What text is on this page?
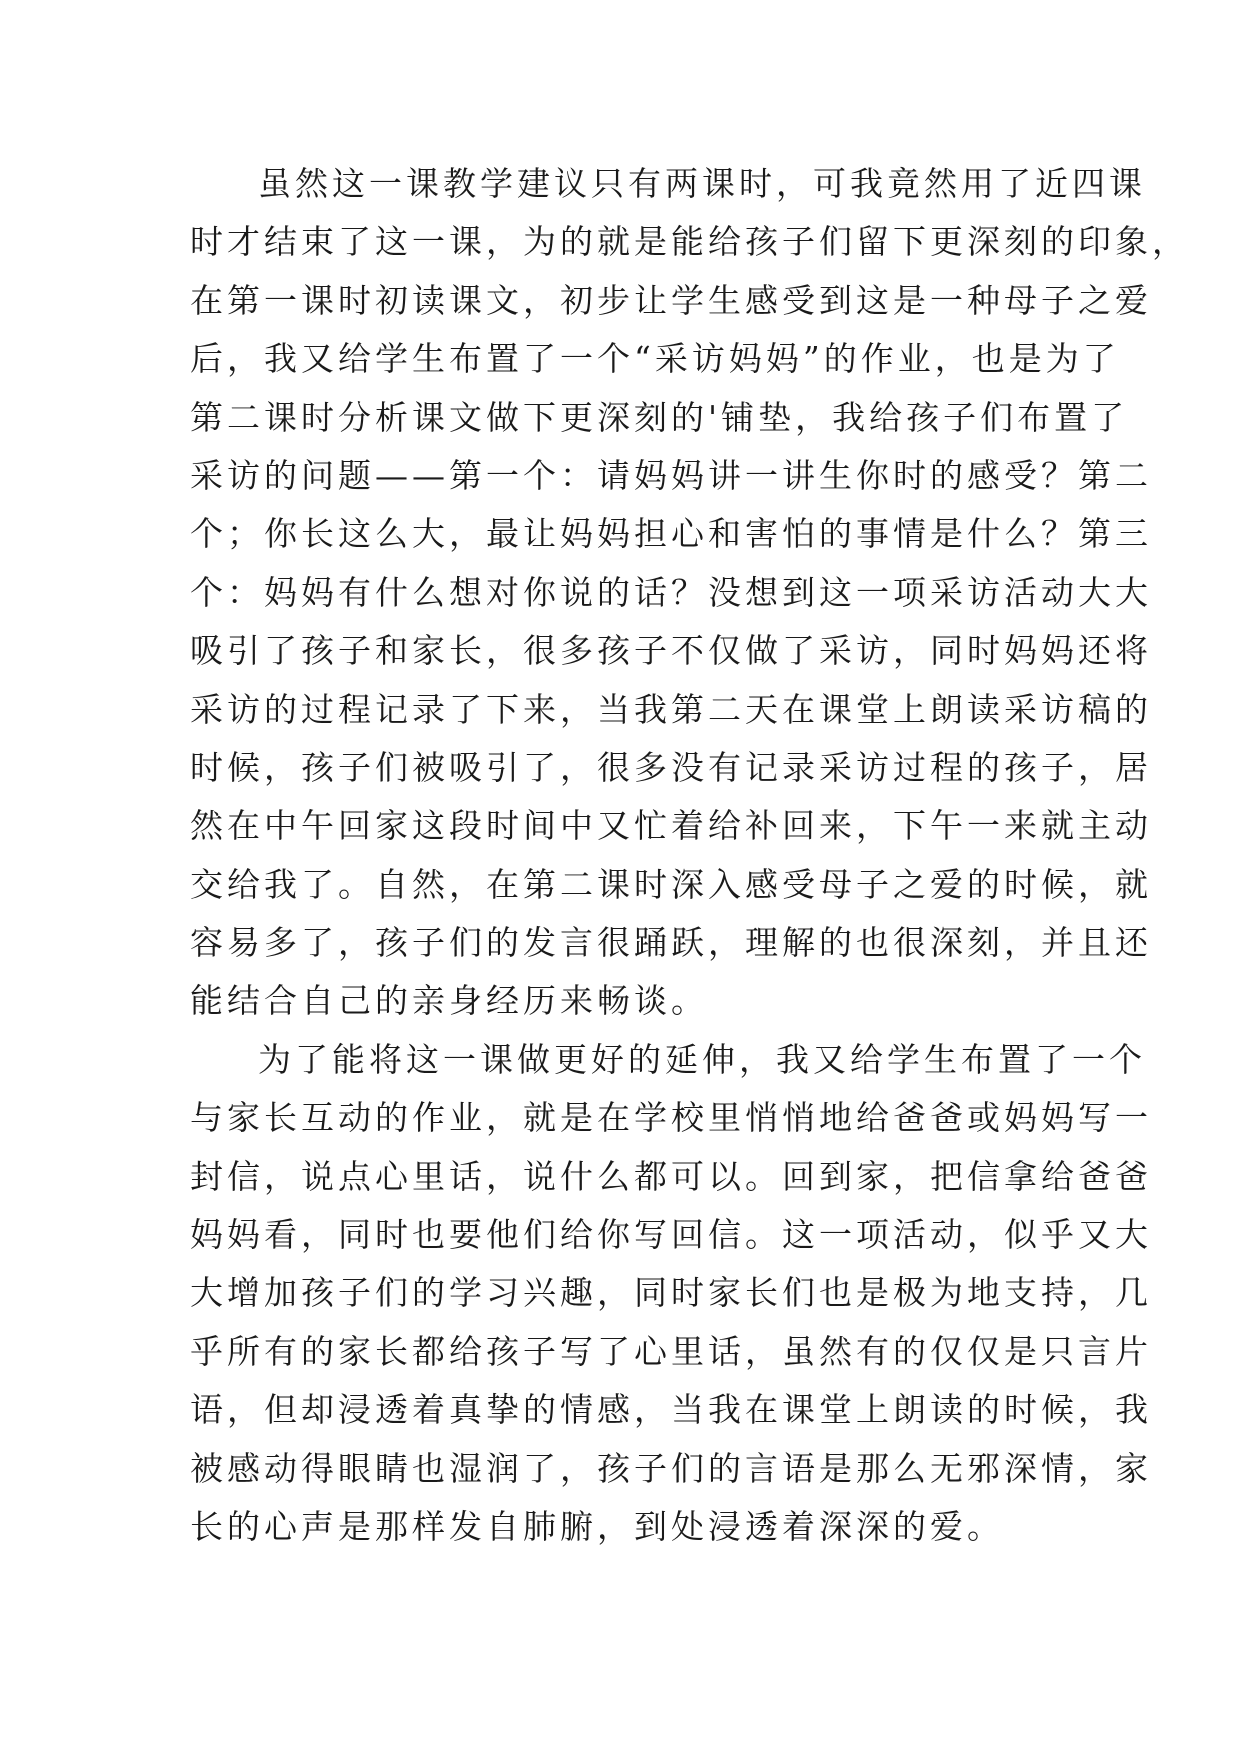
虽然这一课教学建议只有两课时，可我竟然用了近四课
时才结束了这一课，为的就是能给孩子们留下更深刻的印象，
在第一课时初读课文，初步让学生感受到这是一种母子之爱
后，我又给学生布置了一个“采访妈妈”的作业，也是为了
第二课时分析课文做下更深刻的'铺垫，我给孩子们布置了
采访的问题——第一个：请妈妈讲一讲生你时的感受？第二
个；你长这么大，最让妈妈担心和害怕的事情是什么？第三
个：妈妈有什么想对你说的话？没想到这一项采访活动大大
吸引了孩子和家长，很多孩子不仅做了采访，同时妈妈还将
采访的过程记录了下来，当我第二天在课堂上朗读采访稿的
时候，孩子们被吸引了，很多没有记录采访过程的孩子，居
然在中午回家这段时间中又忙着给补回来，下午一来就主动
交给我了。自然，在第二课时深入感受母子之爱的时候，就
容易多了，孩子们的发言很踊跃，理解的也很深刻，并且还
能结合自己的亲身经历来畅谈。
为了能将这一课做更好的延伸，我又给学生布置了一个
与家长互动的作业，就是在学校里悄悄地给爸爸或妈妈写一
封信，说点心里话，说什么都可以。回到家，把信拿给爸爸
妈妈看，同时也要他们给你写回信。这一项活动，似乎又大
大增加孩子们的学习兴趣，同时家长们也是极为地支持，几
乎所有的家长都给孩子写了心里话，虽然有的仅仅是只言片
语，但却浸透着真挚的情感，当我在课堂上朗读的时候，我
被感动得眼睛也湿润了，孩子们的言语是那么无邪深情，家
长的心声是那样发自肺腑，到处浸透着深深的爱。
